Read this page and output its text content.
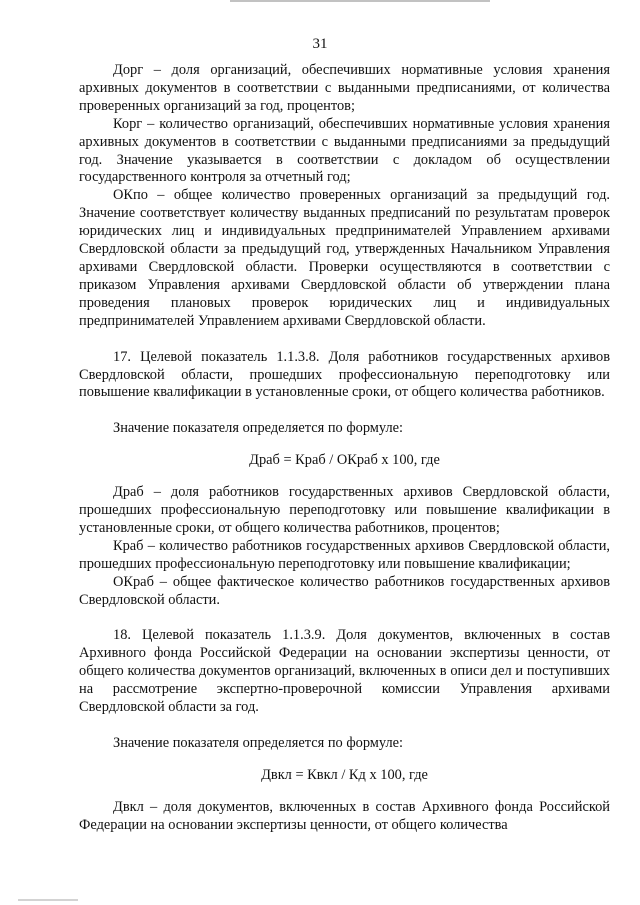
31

Дорг – доля организаций, обеспечивших нормативные условия хранения архивных документов в соответствии с выданными предписаниями, от количества проверенных организаций за год, процентов;

Корг – количество организаций, обеспечивших нормативные условия хранения архивных документов в соответствии с выданными предписаниями за предыдущий год. Значение указывается в соответствии с докладом об осуществлении государственного контроля за отчетный год;

ОКпо – общее количество проверенных организаций за предыдущий год. Значение соответствует количеству выданных предписаний по результатам проверок юридических лиц и индивидуальных предпринимателей Управлением архивами Свердловской области за предыдущий год, утвержденных Начальником Управления архивами Свердловской области. Проверки осуществляются в соответствии с приказом Управления архивами Свердловской области об утверждении плана проведения плановых проверок юридических лиц и индивидуальных предпринимателей Управлением архивами Свердловской области.

17. Целевой показатель 1.1.3.8. Доля работников государственных архивов Свердловской области, прошедших профессиональную переподготовку или повышение квалификации в установленные сроки, от общего количества работников.

Значение показателя определяется по формуле:

Драб = Краб / ОКраб x 100, где

Драб – доля работников государственных архивов Свердловской области, прошедших профессиональную переподготовку или повышение квалификации в установленные сроки, от общего количества работников, процентов;

Краб – количество работников государственных архивов Свердловской области, прошедших профессиональную переподготовку или повышение квалификации;

ОКраб – общее фактическое количество работников государственных архивов Свердловской области.

18. Целевой показатель 1.1.3.9. Доля документов, включенных в состав Архивного фонда Российской Федерации на основании экспертизы ценности, от общего количества документов организаций, включенных в описи дел и поступивших на рассмотрение экспертно-проверочной комиссии Управления архивами Свердловской области за год.

Значение показателя определяется по формуле:

Двкл = Квкл / Кд x 100, где

Двкл – доля документов, включенных в состав Архивного фонда Российской Федерации на основании экспертизы ценности, от общего количества
